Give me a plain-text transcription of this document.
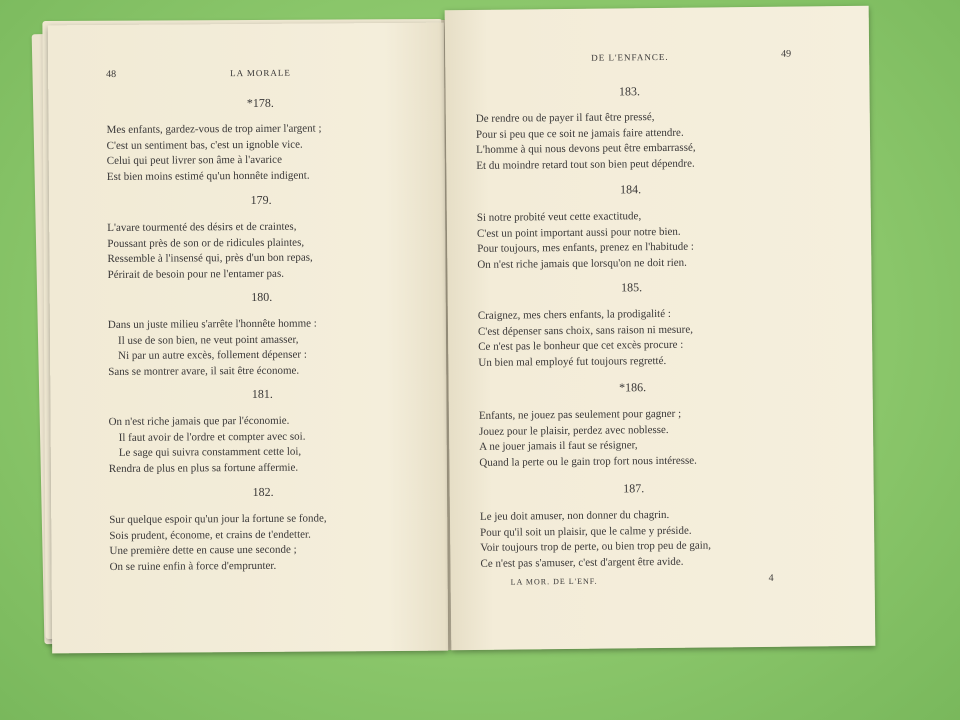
48	LA MORALE
*178.
Mes enfants, gardez-vous de trop aimer l'argent ;
C'est un sentiment bas, c'est un ignoble vice.
Celui qui peut livrer son âme à l'avarice
Est bien moins estimé qu'un honnête indigent.
179.
L'avare tourmenté des désirs et de craintes,
Poussant près de son or de ridicules plaintes,
Ressemble à l'insensé qui, près d'un bon repas,
Périrait de besoin pour ne l'entamer pas.
180.
Dans un juste milieu s'arrête l'honnête homme :
Il use de son bien, ne veut point amasser,
Ni par un autre excès, follement dépenser :
Sans se montrer avare, il sait être économe.
181.
On n'est riche jamais que par l'économie.
Il faut avoir de l'ordre et compter avec soi.
Le sage qui suivra constamment cette loi,
Rendra de plus en plus sa fortune affermie.
182.
Sur quelque espoir qu'un jour la fortune se fonde,
Sois prudent, économe, et crains de t'endetter.
Une première dette en cause une seconde ;
On se ruine enfin à force d'emprunter.
DE L'ENFANCE.	49
183.
De rendre ou de payer il faut être pressé,
Pour si peu que ce soit ne jamais faire attendre.
L'homme à qui nous devons peut être embarrassé,
Et du moindre retard tout son bien peut dépendre.
184.
Si notre probité veut cette exactitude,
C'est un point important aussi pour notre bien.
Pour toujours, mes enfants, prenez en l'habitude :
On n'est riche jamais que lorsqu'on ne doit rien.
185.
Craignez, mes chers enfants, la prodigalité :
C'est dépenser sans choix, sans raison ni mesure,
Ce n'est pas le bonheur que cet excès procure :
Un bien mal employé fut toujours regretté.
*186.
Enfants, ne jouez pas seulement pour gagner ;
Jouez pour le plaisir, perdez avec noblesse.
A ne jouer jamais il faut se résigner,
Quand la perte ou le gain trop fort nous intéresse.
187.
Le jeu doit amuser, non donner du chagrin.
Pour qu'il soit un plaisir, que le calme y préside.
Voir toujours trop de perte, ou bien trop peu de gain,
Ce n'est pas s'amuser, c'est d'argent être avide.
LA MOR. DE L'ENF.	4
